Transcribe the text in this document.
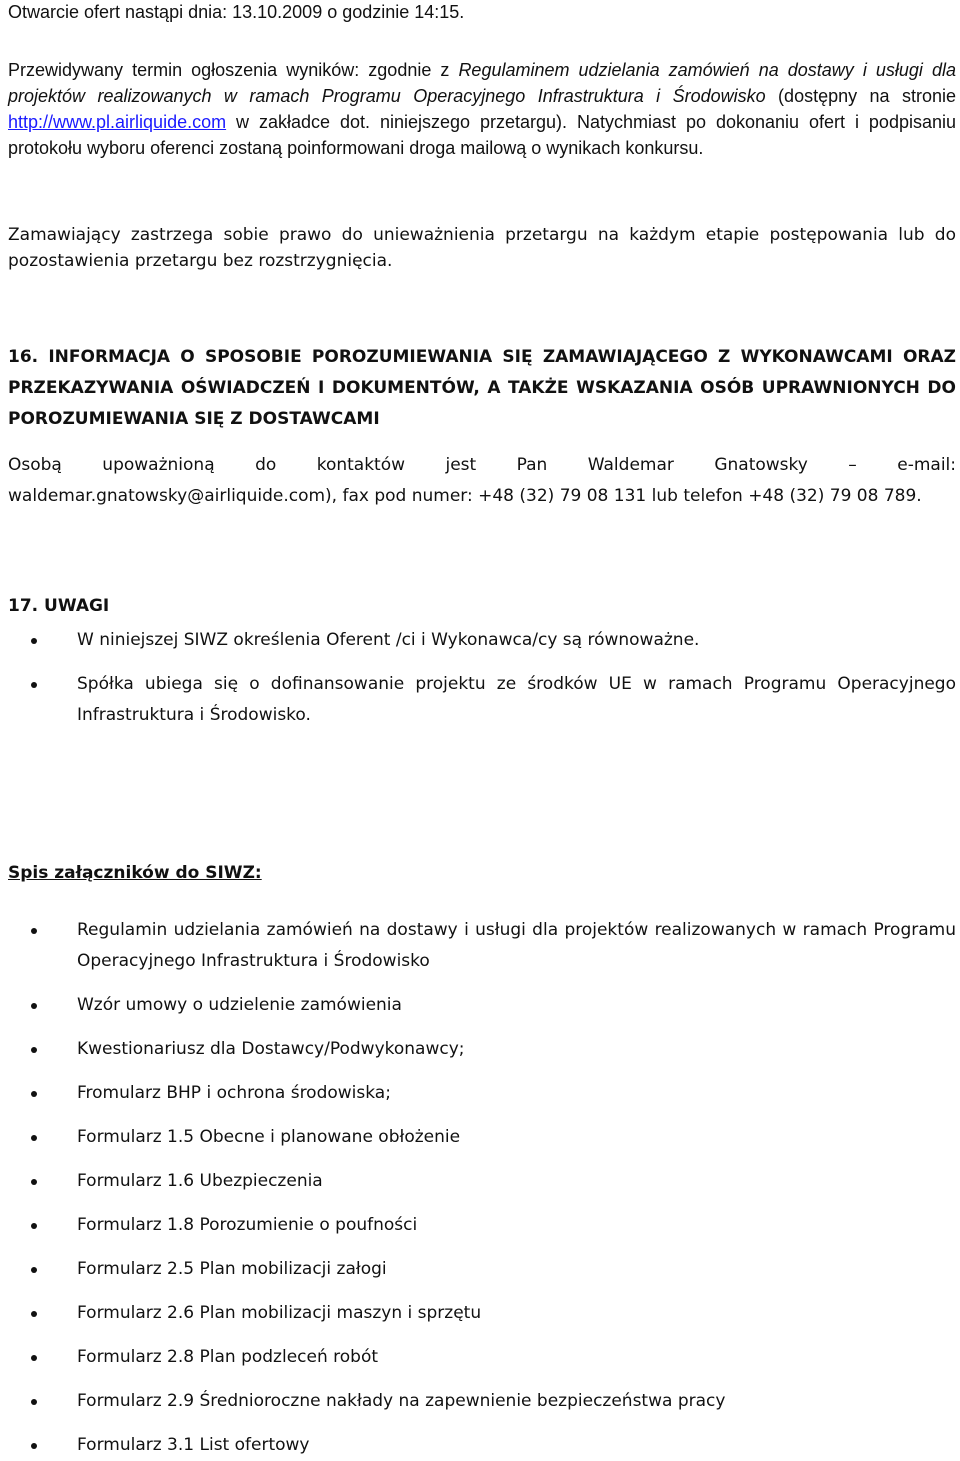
Otwarcie ofert nastąpi dnia: 13.10.2009 o godzinie 14:15.

Przewidywany termin ogłoszenia wyników: zgodnie z Regulaminem udzielania zamówień na dostawy i usługi dla projektów realizowanych w ramach Programu Operacyjnego Infrastruktura i Środowisko (dostępny na stronie http://www.pl.airliquide.com w zakładce dot. niniejszego przetargu). Natychmiast po dokonaniu ofert i podpisaniu protokołu wyboru oferenci zostaną poinformowani droga mailową o wynikach konkursu.

Zamawiający zastrzega sobie prawo do unieważnienia przetargu na każdym etapie postępowania lub do pozostawienia przetargu bez rozstrzygnięcia.

16. INFORMACJA O SPOSOBIE POROZUMIEWANIA SIĘ ZAMAWIAJĄCEGO Z WYKONAWCAMI ORAZ PRZEKAZYWANIA OŚWIADCZEŃ I DOKUMENTÓW, A TAKŻE WSKAZANIA OSÓB UPRAWNIONYCH DO POROZUMIEWANIA SIĘ Z DOSTAWCAMI

Osobą upoważnioną do kontaktów jest Pan Waldemar Gnatowsky – e-mail: waldemar.gnatowsky@airliquide.com), fax pod numer: +48 (32) 79 08 131 lub telefon +48 (32) 79 08 789.

17. UWAGI

W niniejszej SIWZ określenia Oferent /ci i Wykonawca/cy są równoważne.
Spółka ubiega się o dofinansowanie projektu ze środków UE w ramach Programu Operacyjnego Infrastruktura i Środowisko.

Spis załączników do SIWZ:

Regulamin udzielania zamówień na dostawy i usługi dla projektów realizowanych w ramach Programu Operacyjnego Infrastruktura i Środowisko
Wzór umowy o udzielenie zamówienia
Kwestionariusz dla Dostawcy/Podwykonawcy;
Fromularz BHP i ochrona środowiska;
Formularz 1.5 Obecne i planowane obłożenie
Formularz 1.6 Ubezpieczenia
Formularz 1.8 Porozumienie o poufności
Formularz 2.5 Plan mobilizacji załogi
Formularz 2.6 Plan mobilizacji maszyn i sprzętu
Formularz 2.8 Plan podzleceń robót
Formularz 2.9 Średnioroczne nakłady na zapewnienie bezpieczeństwa pracy
Formularz 3.1 List ofertowy
